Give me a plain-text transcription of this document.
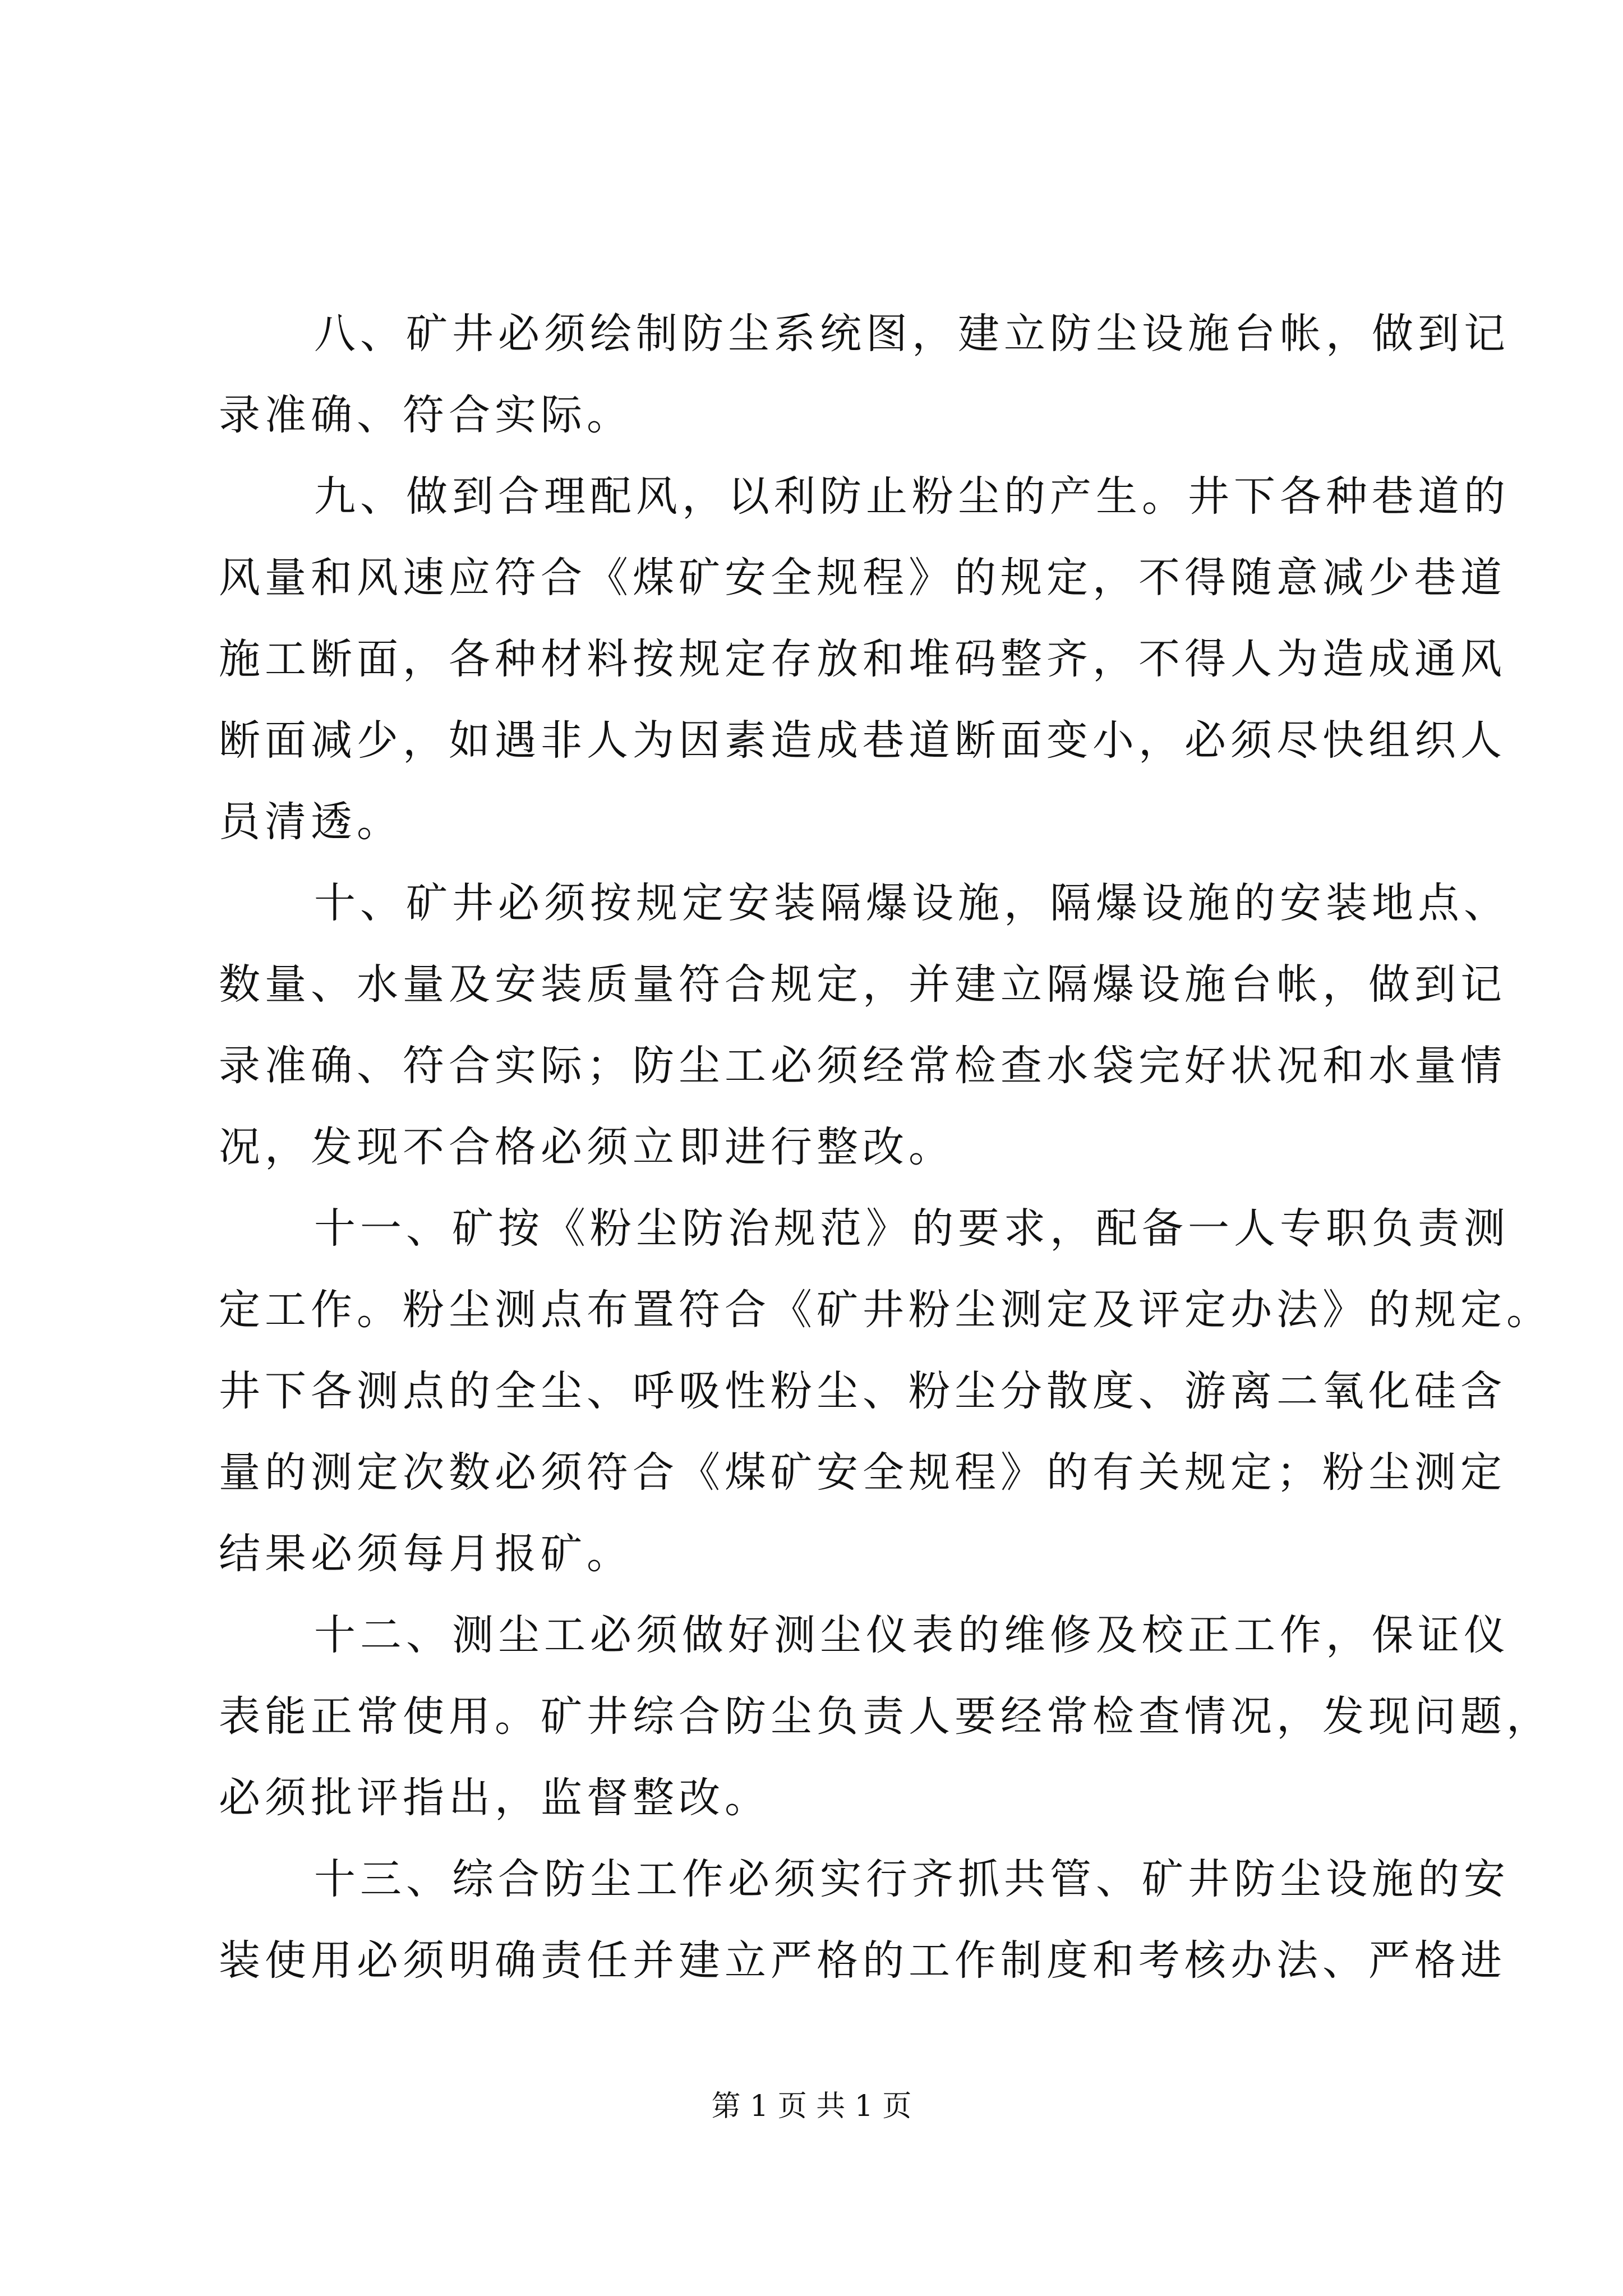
八、矿井必须绘制防尘系统图，建立防尘设施台帐，做到记
录准确、符合实际。
九、做到合理配风，以利防止粉尘的产生。井下各种巷道的
风量和风速应符合《煤矿安全规程》的规定，不得随意减少巷道
施工断面，各种材料按规定存放和堆码整齐，不得人为造成通风
断面减少，如遇非人为因素造成巷道断面变小，必须尽快组织人
员清透。
十、矿井必须按规定安装隔爆设施，隔爆设施的安装地点、
数量、水量及安装质量符合规定，并建立隔爆设施台帐，做到记
录准确、符合实际；防尘工必须经常检查水袋完好状况和水量情
况，发现不合格必须立即进行整改。
十一、矿按《粉尘防治规范》的要求，配备一人专职负责测
定工作。粉尘测点布置符合《矿井粉尘测定及评定办法》的规定。
井下各测点的全尘、呼吸性粉尘、粉尘分散度、游离二氧化硅含
量的测定次数必须符合《煤矿安全规程》的有关规定；粉尘测定
结果必须每月报矿。
十二、测尘工必须做好测尘仪表的维修及校正工作，保证仪
表能正常使用。矿井综合防尘负责人要经常检查情况，发现问题，
必须批评指出，监督整改。
十三、综合防尘工作必须实行齐抓共管、矿井防尘设施的安
装使用必须明确责任并建立严格的工作制度和考核办法、严格进
第 1 页 共 1 页
